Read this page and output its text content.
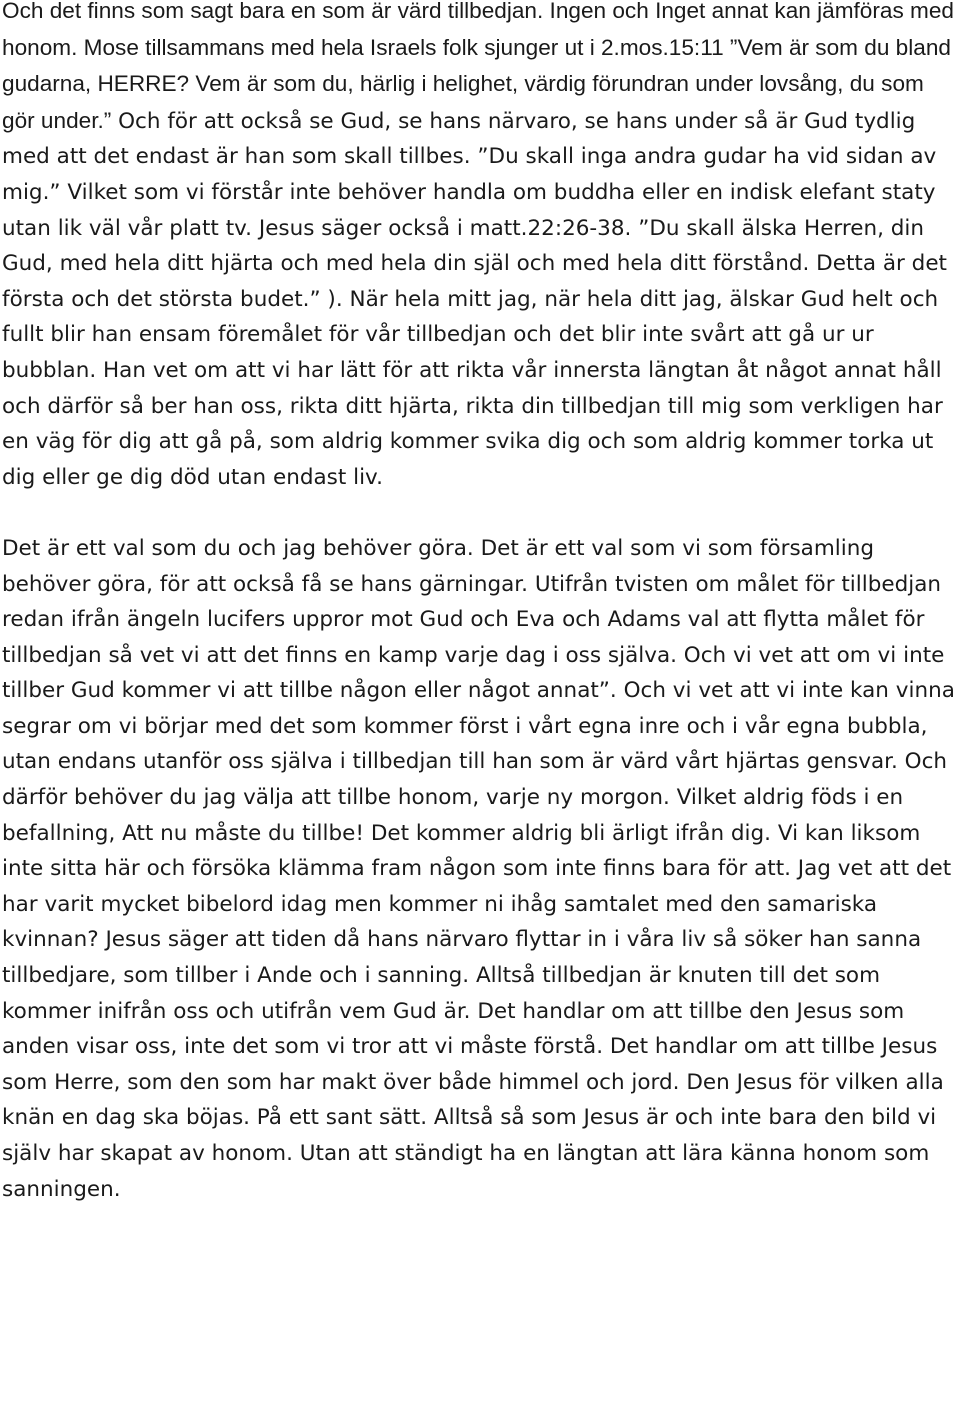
Och det finns som sagt bara en som är värd tillbedjan. Ingen och Inget annat kan jämföras med honom. Mose tillsammans med hela Israels folk sjunger ut i 2.mos.15:11 ”Vem är som du bland gudarna, HERRE? Vem är som du, härlig i helighet, värdig förundran under lovsång, du som gör under.” Och för att också se Gud, se hans närvaro, se hans under så är Gud tydlig med att det endast är han som skall tillbes. ”Du skall inga andra gudar ha vid sidan av mig.” Vilket som vi förstår inte behöver handla om buddha eller en indisk elefant staty utan lik väl vår platt tv. Jesus säger också i matt.22:26-38. ”Du skall älska Herren, din Gud, med hela ditt hjärta och med hela din själ och med hela ditt förstånd. Detta är det första och det största budet.” ). När hela mitt jag, när hela ditt jag, älskar Gud helt och fullt blir han ensam föremålet för vår tillbedjan och det blir inte svårt att gå ur ur bubblan. Han vet om att vi har lätt för att rikta vår innersta längtan åt något annat håll och därför så ber han oss, rikta ditt hjärta, rikta din tillbedjan till mig som verkligen har en väg för dig att gå på, som aldrig kommer svika dig och som aldrig kommer torka ut dig eller ge dig död utan endast liv.

Det är ett val som du och jag behöver göra. Det är ett val som vi som församling behöver göra, för att också få se hans gärningar. Utifrån tvisten om målet för tillbedjan redan ifrån ängeln lucifers uppror mot Gud och Eva och Adams val att flytta målet för tillbedjan så vet vi att det finns en kamp varje dag i oss själva. Och vi vet att om vi inte tillber Gud kommer vi att tillbe någon eller något annat”. Och vi vet att vi inte kan vinna segrar om vi börjar med det som kommer först i vårt egna inre och i vår egna bubbla, utan endans utanför oss själva i tillbedjan till han som är värd vårt hjärtas gensvar. Och därför behöver du jag välja att tillbe honom, varje ny morgon. Vilket aldrig föds i en befallning, Att nu måste du tillbe! Det kommer aldrig bli ärligt ifrån dig. Vi kan liksom inte sitta här och försöka klämma fram någon som inte finns bara för att. Jag vet att det har varit mycket bibelord idag men kommer ni ihåg samtalet med den samariska kvinnan? Jesus säger att tiden då hans närvaro flyttar in i våra liv så söker han sanna tillbedjare, som tillber i Ande och i sanning. Alltså tillbedjan är knuten till det som kommer inifrån oss och utifrån vem Gud är. Det handlar om att tillbe den Jesus som anden visar oss, inte det som vi tror att vi måste förstå. Det handlar om att tillbe Jesus som Herre, som den som har makt över både himmel och jord. Den Jesus för vilken alla knän en dag ska böjas. På ett sant sätt. Alltså så som Jesus är och inte bara den bild vi själv har skapat av honom. Utan att ständigt ha en längtan att lära känna honom som sanningen.
